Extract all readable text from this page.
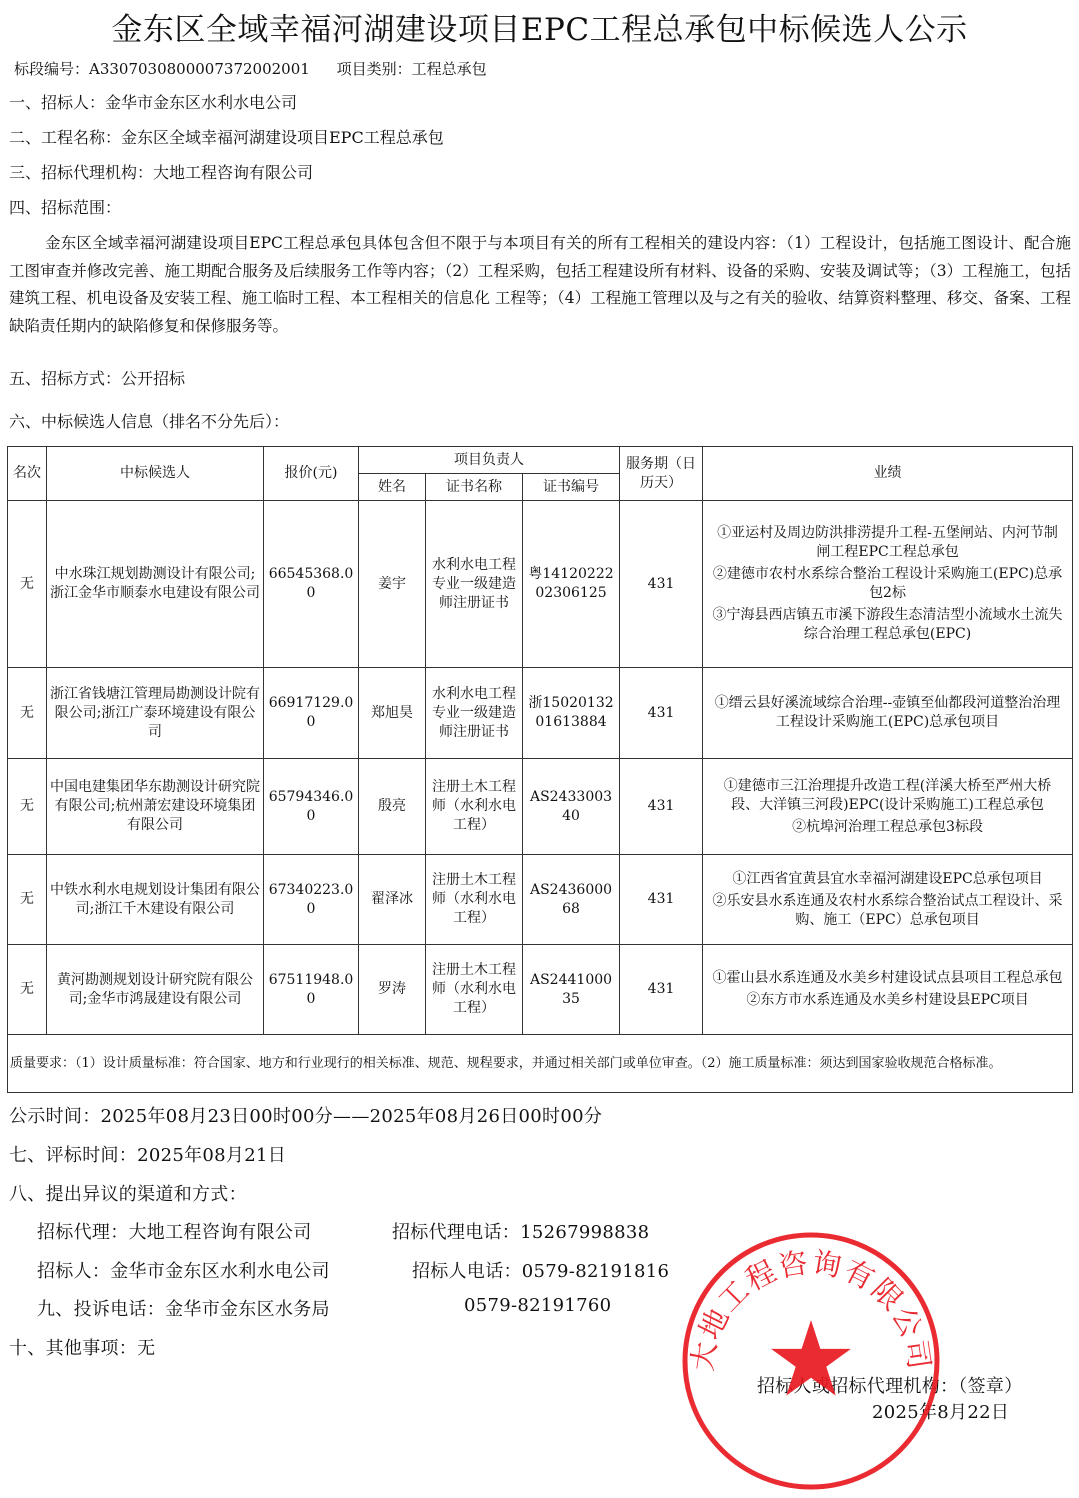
金东区全域幸福河湖建设项目EPC工程总承包中标候选人公示
标段编号：A3307030800007372002001 项目类别：工程总承包
一、招标人：金华市金东区水利水电公司
二、工程名称：金东区全域幸福河湖建设项目EPC工程总承包
三、招标代理机构：大地工程咨询有限公司
四、招标范围：
金东区全域幸福河湖建设项目EPC工程总承包具体包含但不限于与本项目有关的所有工程相关的建设内容：（1）工程设计，包括施工图设计、配合施工图审查并修改完善、施工期配合服务及后续服务工作等内容；（2）工程采购，包括工程建设所有材料、设备的采购、安装及调试等；（3）工程施工，包括建筑工程、机电设备及安装工程、施工临时工程、本工程相关的信息化 工程等；（4）工程施工管理以及与之有关的验收、结算资料整理、移交、备案、工程缺陷责任期内的缺陷修复和保修服务等。
五、招标方式：公开招标
六、中标候选人信息（排名不分先后）：
名次	中标候选人	报价(元)	项目负责人			服务期（日历天）	业绩
			姓名	证书名称	证书编号		
无	中水珠江规划勘测设计有限公司;浙江金华市顺泰水电建设有限公司	66545368.00	姜宇	水利水电工程专业一级建造师注册证书	粤1412022202306125	431	①亚运村及周边防洪排涝提升工程-五堡闸站、内河节制闸工程EPC工程总承包
②建德市农村水系综合整治工程设计采购施工(EPC)总承包2标
③宁海县西店镇五市溪下游段生态清洁型小流域水土流失综合治理工程总承包(EPC)

无	浙江省钱塘江管理局勘测设计院有限公司;浙江广泰环境建设有限公司	66917129.00	郑旭昊	水利水电工程专业一级建造师注册证书	浙1502013201613884	431	①缙云县好溪流域综合治理--壶镇至仙都段河道整治治理工程设计采购施工(EPC)总承包项目

无	中国电建集团华东勘测设计研究院有限公司;杭州萧宏建设环境集团有限公司	65794346.00	殷亮	注册土木工程师（水利水电工程）	AS243300340	431	①建德市三江治理提升改造工程(洋溪大桥至严州大桥段、大洋镇三河段)EPC(设计采购施工)工程总承包
②杭埠河治理工程总承包3标段

无	中铁水利水电规划设计集团有限公司;浙江千木建设有限公司	67340223.00	翟泽冰	注册土木工程师（水利水电工程）	AS243600068	431	①江西省宜黄县宜水幸福河湖建设EPC总承包项目
②乐安县水系连通及农村水系综合整治试点工程设计、采购、施工（EPC）总承包项目

无	黄河勘测规划设计研究院有限公司;金华市鸿晟建设有限公司	67511948.00	罗涛	注册土木工程师（水利水电工程）	AS244100035	431	①霍山县水系连通及水美乡村建设试点县项目工程总承包
②东方市水系连通及水美乡村建设县EPC项目

质量要求：（1）设计质量标准：符合国家、地方和行业现行的相关标准、规范、规程要求，并通过相关部门或单位审查。（2）施工质量标准：须达到国家验收规范合格标准。							
公示时间：2025年08月23日00时00分——2025年08月26日00时00分
七、评标时间：2025年08月21日
八、提出异议的渠道和方式：
招标代理：大地工程咨询有限公司	招标代理电话：15267998838
招标人：金华市金东区水利水电公司	招标人电话：0579-82191816
九、投诉电话：金华市金东区水务局	0579-82191760
十、其他事项：无
招标人或招标代理机构：（签章）
2025年8月22日
大地工程咨询有限公司
